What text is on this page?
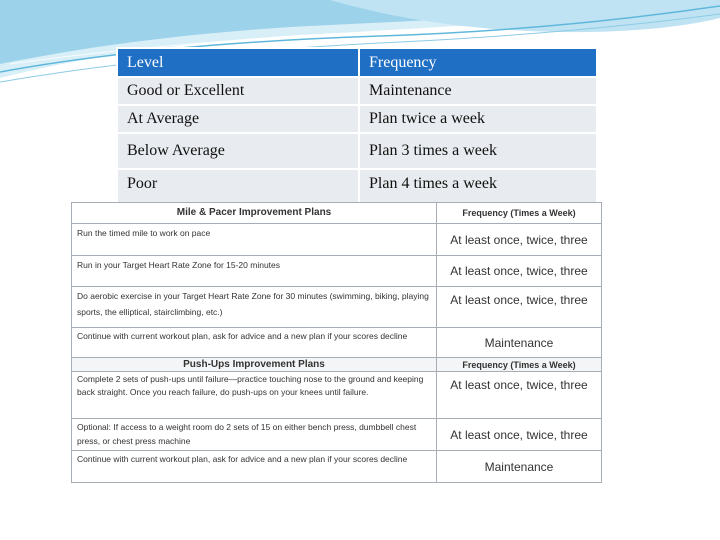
Level	Frequency
Good or Excellent	Maintenance
At Average	Plan twice a week
Below Average	Plan 3 times a week
Poor	Plan 4 times a week
Mile & Pacer Improvement Plans	Frequency (Times a Week)
Run the timed mile to work on pace	At least once, twice, three
Run in your Target Heart Rate Zone for 15-20 minutes	At least once, twice, three
Do aerobic exercise in your Target Heart Rate Zone for 30 minutes (swimming, biking, playing sports, the elliptical, stairclimbing, etc.)	At least once, twice, three
Continue with current workout plan, ask for advice and a new plan if your scores decline	Maintenance
Push-Ups Improvement Plans	Frequency (Times a Week)
Complete 2 sets of push-ups until failure—practice touching nose to the ground and keeping back straight. Once you reach failure, do push-ups on your knees until failure.	At least once, twice, three
Optional: If access to a weight room do 2 sets of 15 on either bench press, dumbbell chest press, or chest press machine	At least once, twice, three
Continue with current workout plan, ask for advice and a new plan if your scores decline	Maintenance
